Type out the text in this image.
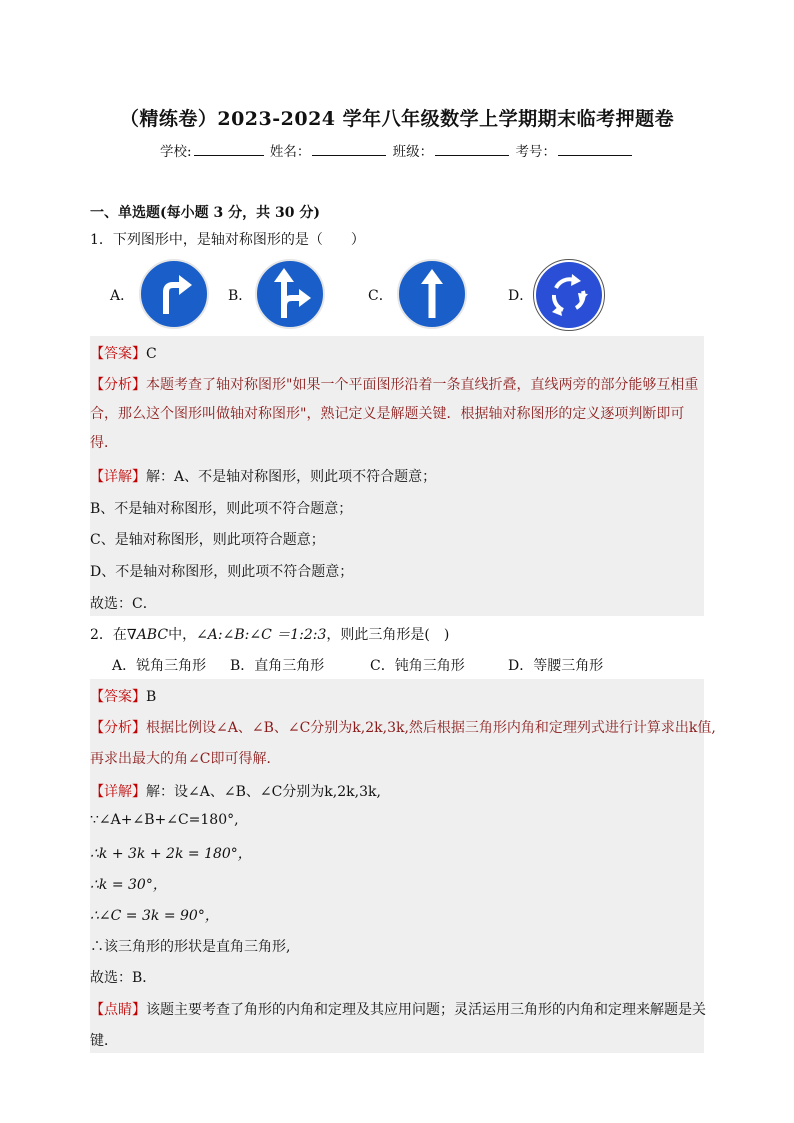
（精练卷）2023-2024 学年八年级数学上学期期末临考押题卷
学校:	姓名：	班级：	考号：
一、单选题(每小题 3 分，共 30 分)
1．下列图形中，是轴对称图形的是（　　）
A．	B．	C．	D．
【答案】C
【分析】本题考查了轴对称图形"如果一个平面图形沿着一条直线折叠，直线两旁的部分能够互相重
合，那么这个图形叫做轴对称图形"，熟记定义是解题关键．根据轴对称图形的定义逐项判断即可
得．
【详解】解：A、不是轴对称图形，则此项不符合题意；
B、不是轴对称图形，则此项不符合题意；
C、是轴对称图形，则此项符合题意；
D、不是轴对称图形，则此项不符合题意；
故选：C．
2．在∇ABC中，∠A:∠B:∠C ＝1:2:3，则此三角形是(　)
A．锐角三角形 B．直角三角形	C．钝角三角形	D．等腰三角形
【答案】B
【分析】根据比例设∠A、∠B、∠C分别为k,2k,3k,然后根据三角形内角和定理列式进行计算求出k值,
再求出最大的角∠C即可得解．
【详解】解：设∠A、∠B、∠C分别为k,2k,3k,
∵∠A+∠B+∠C=180°,
∴k + 3k + 2k = 180°，
∴k = 30°，
∴∠C = 3k = 90°，
∴该三角形的形状是直角三角形,
故选：B．
【点睛】该题主要考查了角形的内角和定理及其应用问题；灵活运用三角形的内角和定理来解题是关
键．
